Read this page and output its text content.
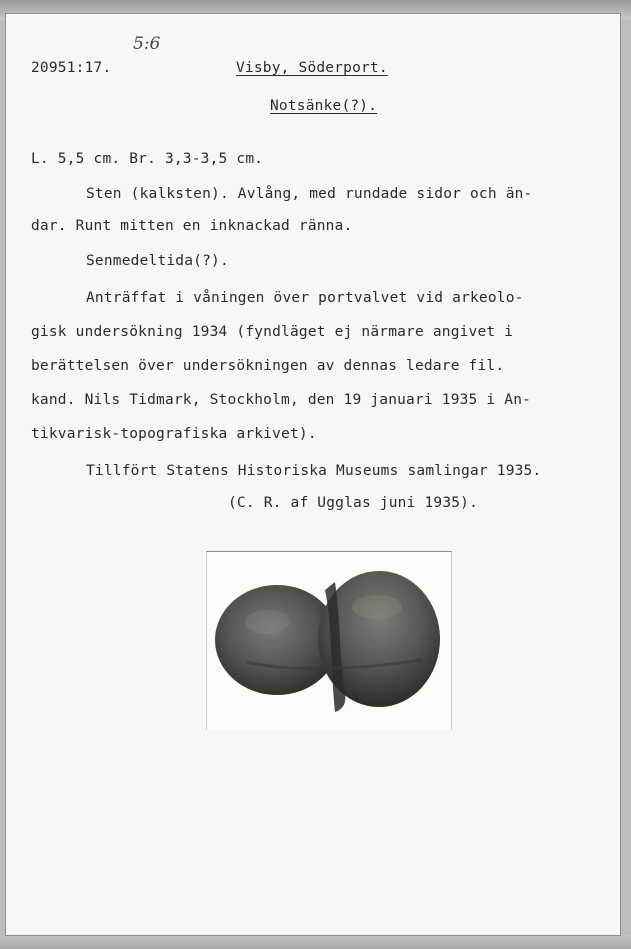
5:6
20951:17.	Visby, Söderport.
Notsänke(?).
L. 5,5 cm. Br. 3,3-3,5 cm.
Sten (kalksten). Avlång, med rundade sidor och än-
dar. Runt mitten en inknackad ränna.
Senmedeltida(?).
Anträffat i våningen över portvalvet vid arkeolo-
gisk undersökning 1934 (fyndläget ej närmare angivet i
berättelsen över undersökningen av dennas ledare fil.
kand. Nils Tidmark, Stockholm, den 19 januari 1935 i An-
tikvarisk-topografiska arkivet).
Tillfört Statens Historiska Museums samlingar 1935.
(C. R. af Ugglas juni 1935).
